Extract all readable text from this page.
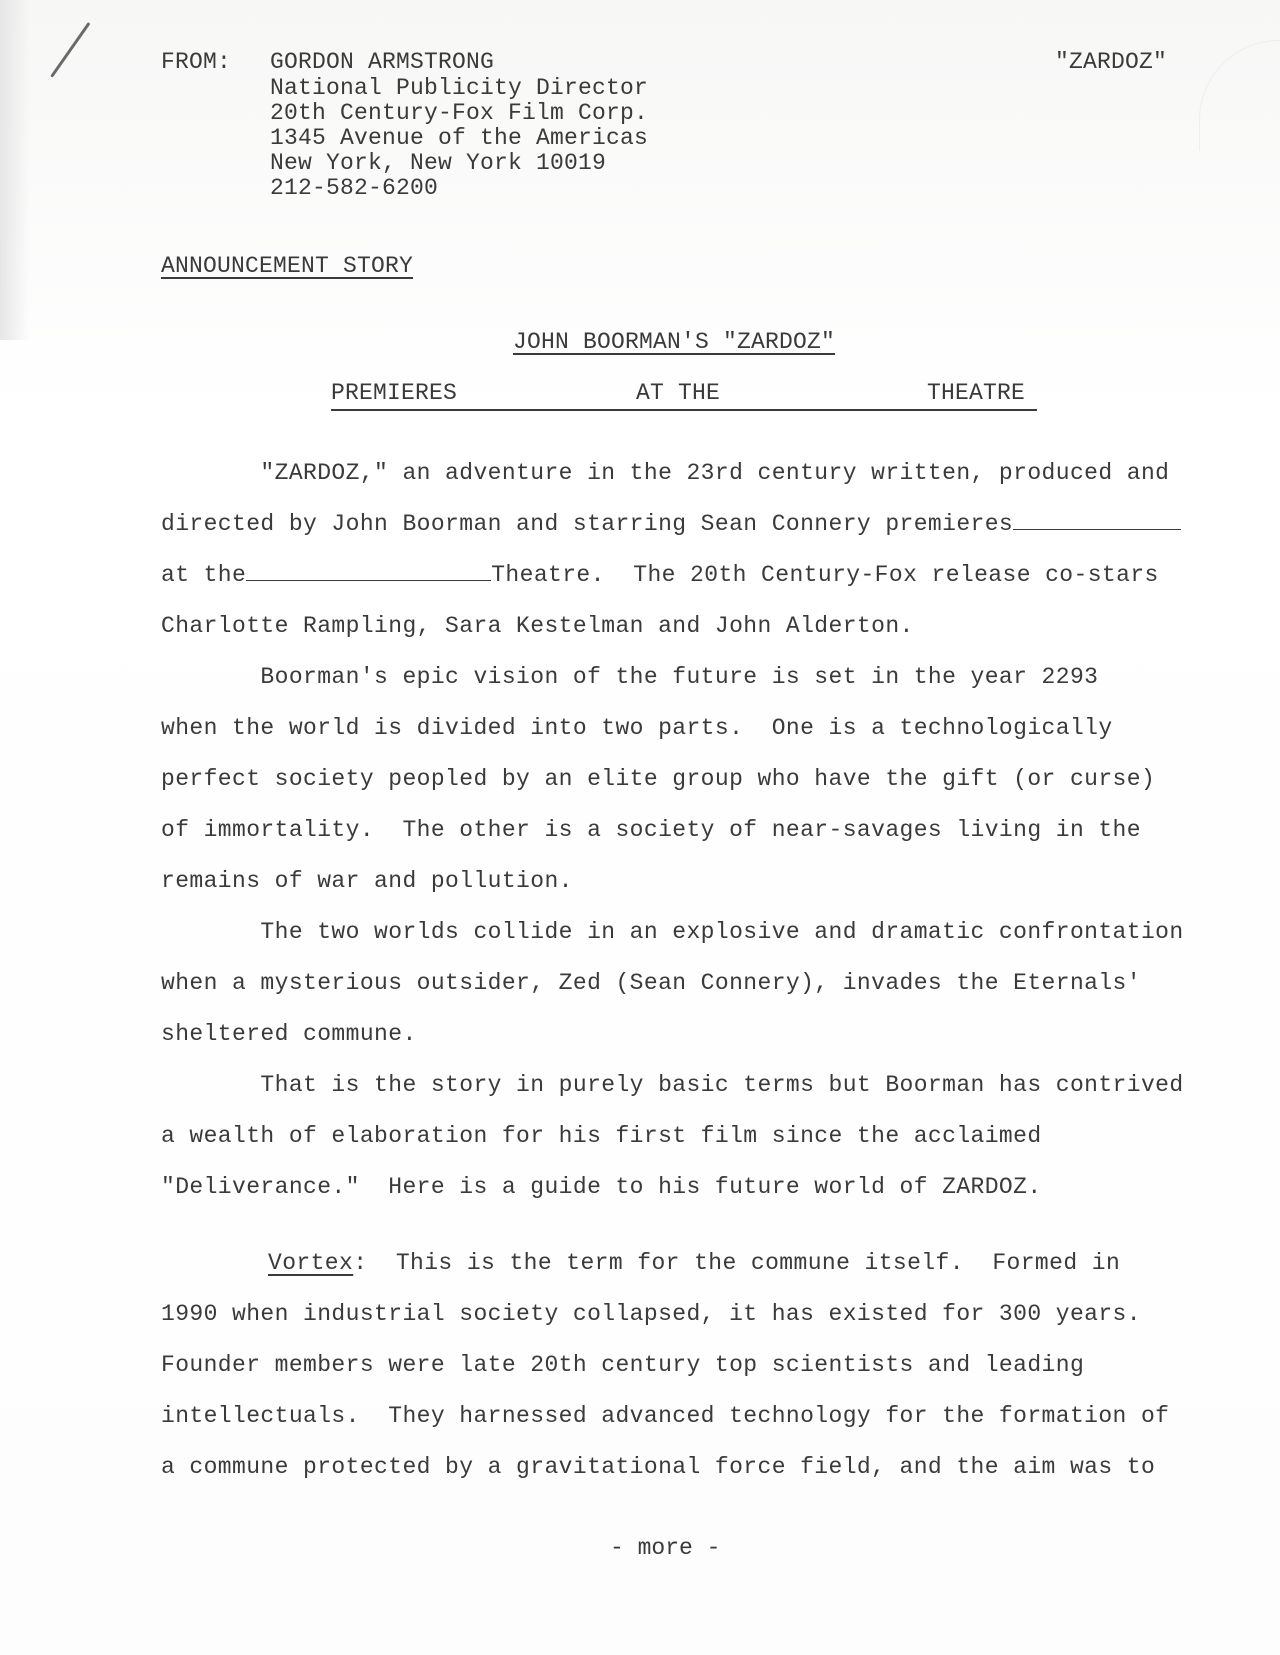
FROM: GORDON ARMSTRONG
National Publicity Director
20th Century-Fox Film Corp.
1345 Avenue of the Americas
New York, New York 10019
212-582-6200
"ZARDOZ"
ANNOUNCEMENT STORY
JOHN BOORMAN'S "ZARDOZ"
PREMIERES	AT THE	THEATRE
"ZARDOZ," an adventure in the 23rd century written, produced and
directed by John Boorman and starring Sean Connery premieres
at the	Theatre.  The 20th Century-Fox release co-stars
Charlotte Rampling, Sara Kestelman and John Alderton.
Boorman's epic vision of the future is set in the year 2293
when the world is divided into two parts.  One is a technologically
perfect society peopled by an elite group who have the gift (or curse)
of immortality.  The other is a society of near-savages living in the
remains of war and pollution.
The two worlds collide in an explosive and dramatic confrontation
when a mysterious outsider, Zed (Sean Connery), invades the Eternals'
sheltered commune.
That is the story in purely basic terms but Boorman has contrived
a wealth of elaboration for his first film since the acclaimed
"Deliverance."  Here is a guide to his future world of ZARDOZ.
Vortex:  This is the term for the commune itself.  Formed in
1990 when industrial society collapsed, it has existed for 300 years.
Founder members were late 20th century top scientists and leading
intellectuals.  They harnessed advanced technology for the formation of
a commune protected by a gravitational force field, and the aim was to
- more -
